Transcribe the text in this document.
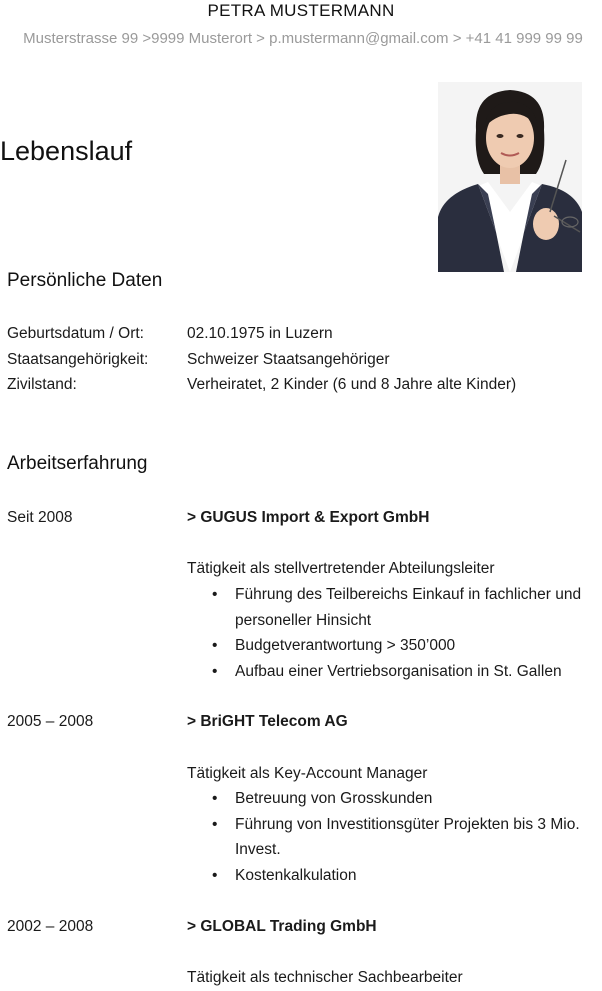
PETRA MUSTERMANN
Musterstrasse 99 >9999 Musterort > p.mustermann@gmail.com > +41 41 999 99 99
Lebenslauf
Persönliche Daten
Geburtsdatum / Ort:	02.10.1975 in Luzern
Staatsangehörigkeit: Schweizer Staatsangehöriger
Zivilstand:	Verheiratet, 2 Kinder (6 und 8 Jahre alte Kinder)
Arbeitserfahrung
Seit 2008	> GUGUS Import & Export GmbH
Tätigkeit als stellvertretender Abteilungsleiter
• Führung des Teilbereichs Einkauf in fachlicher und personeller Hinsicht
• Budgetverantwortung > 350’000
• Aufbau einer Vertriebsorganisation in St. Gallen
2005 – 2008	> BriGHT Telecom AG
Tätigkeit als Key-Account Manager
• Betreuung von Grosskunden
• Führung von Investitionsgüter Projekten bis 3 Mio. Invest.
• Kostenkalkulation
2002 – 2008	> GLOBAL Trading GmbH
Tätigkeit als technischer Sachbearbeiter
